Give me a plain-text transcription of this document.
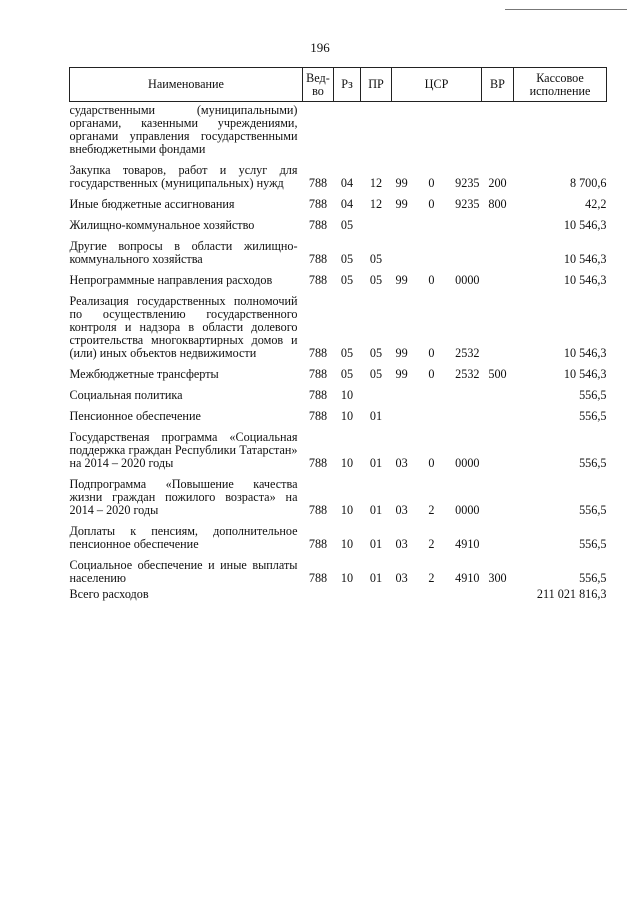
196
Наименование	Вед-во	Рз	ПР	ЦСР	ВР	Кассовое исполнение
сударственными (муниципальными) органами, казенными учреждениями, органами управления государственными внебюджетными фондами						
Закупка товаров, работ и услуг для государственных (муниципальных) нужд	788	04	12	99 0 9235	200	8 700,6
Иные бюджетные ассигнования	788	04	12	99 0 9235	800	42,2
Жилищно-коммунальное хозяйство	788	05				10 546,3
Другие вопросы в области жилищно-коммунального хозяйства	788	05	05			10 546,3
Непрограммные направления расходов	788	05	05	99 0 0000		10 546,3
Реализация государственных полномочий по осуществлению государственного контроля и надзора в области долевого строительства многоквартирных домов и (или) иных объектов недвижимости	788	05	05	99 0 2532		10 546,3
Межбюджетные трансферты	788	05	05	99 0 2532	500	10 546,3
Социальная политика	788	10				556,5
Пенсионное обеспечение	788	10	01			556,5
Государственая программа «Социальная поддержка граждан Республики Татарстан» на 2014 – 2020 годы	788	10	01	03 0 0000		556,5
Подпрограмма «Повышение качества жизни граждан пожилого возраста» на 2014 – 2020 годы	788	10	01	03 2 0000		556,5
Доплаты к пенсиям, дополнительное пенсионное обеспечение	788	10	01	03 2 4910		556,5
Социальное обеспечение и иные выплаты населению	788	10	01	03 2 4910	300	556,5
Всего расходов						211 021 816,3
